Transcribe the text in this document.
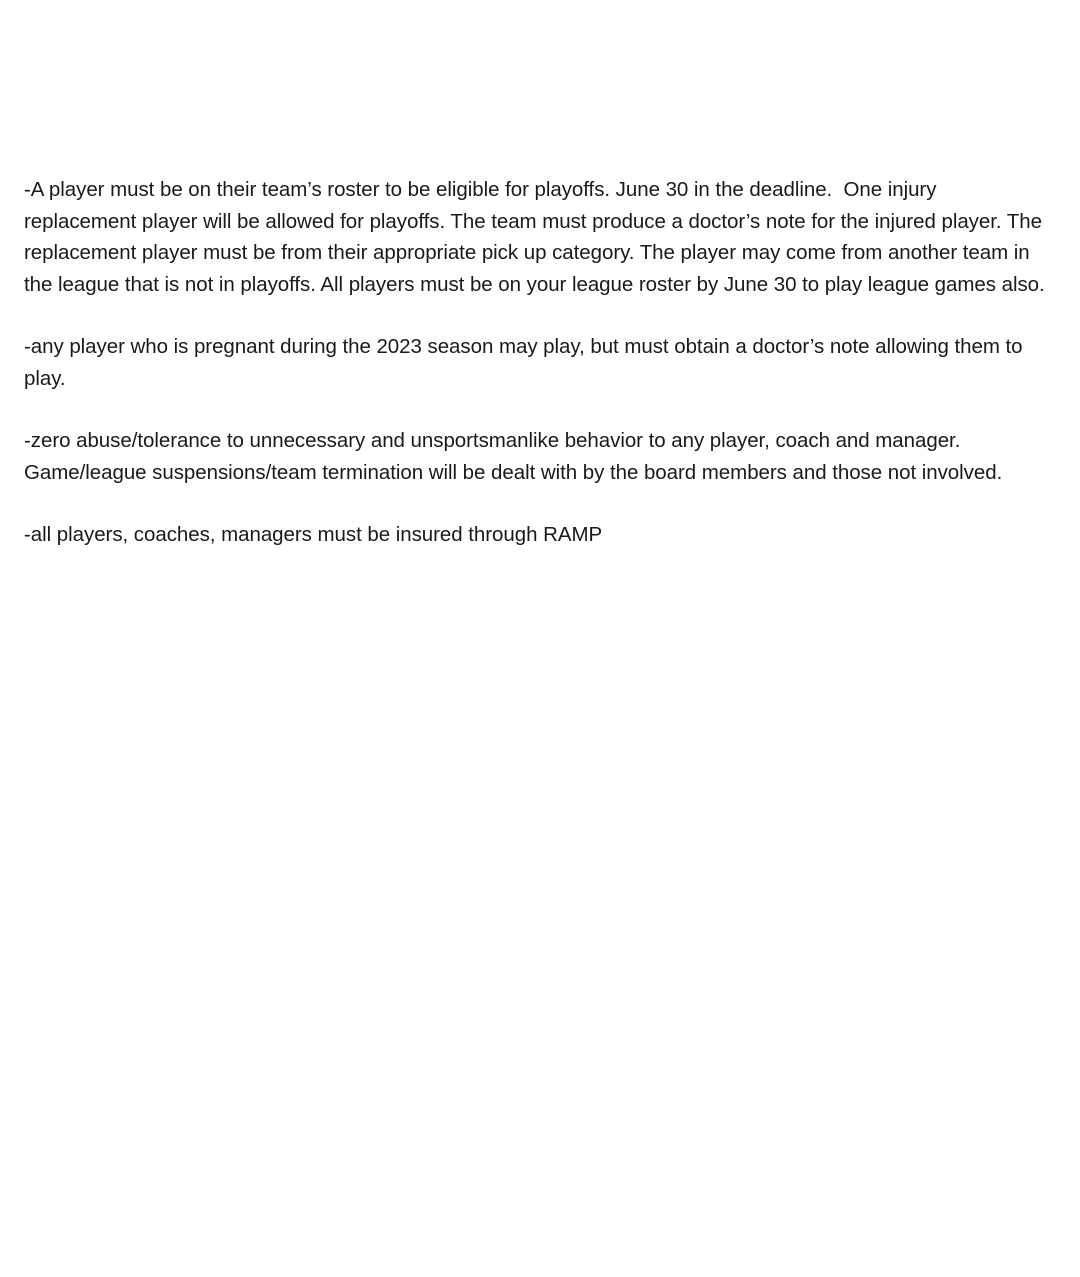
-A player must be on their team’s roster to be eligible for playoffs. June 30 in the deadline.  One injury replacement player will be allowed for playoffs. The team must produce a doctor’s note for the injured player. The replacement player must be from their appropriate pick up category. The player may come from another team in the league that is not in playoffs. All players must be on your league roster by June 30 to play league games also.

-any player who is pregnant during the 2023 season may play, but must obtain a doctor’s note allowing them to play.

-zero abuse/tolerance to unnecessary and unsportsmanlike behavior to any player, coach and manager. Game/league suspensions/team termination will be dealt with by the board members and those not involved.

-all players, coaches, managers must be insured through RAMP
